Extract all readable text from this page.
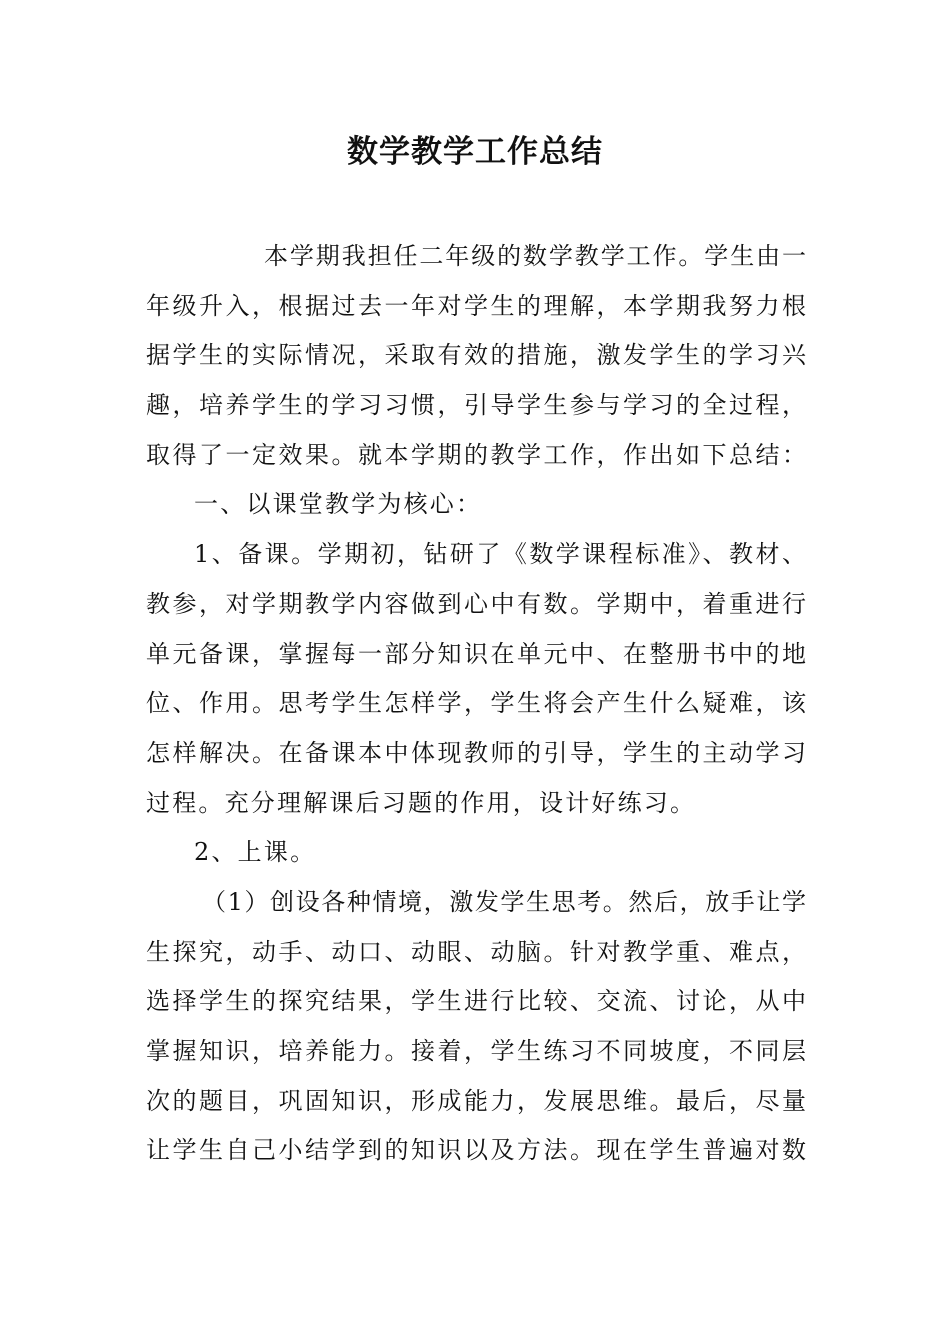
数学教学工作总结
本学期我担任二年级的数学教学工作。学生由一
年级升入，根据过去一年对学生的理解，本学期我努力根
据学生的实际情况，采取有效的措施，激发学生的学习兴
趣，培养学生的学习习惯，引导学生参与学习的全过程，
取得了一定效果。就本学期的教学工作，作出如下总结：
一、以课堂教学为核心：
1、备课。学期初，钻研了《数学课程标准》、教材、
教参，对学期教学内容做到心中有数。学期中，着重进行
单元备课，掌握每一部分知识在单元中、在整册书中的地
位、作用。思考学生怎样学，学生将会产生什么疑难，该
怎样解决。在备课本中体现教师的引导，学生的主动学习
过程。充分理解课后习题的作用，设计好练习。
2、上课。
（1）创设各种情境，激发学生思考。然后，放手让学
生探究，动手、动口、动眼、动脑。针对教学重、难点，
选择学生的探究结果，学生进行比较、交流、讨论，从中
掌握知识，培养能力。接着，学生练习不同坡度，不同层
次的题目，巩固知识，形成能力，发展思维。最后，尽量
让学生自己小结学到的知识以及方法。现在学生普遍对数
